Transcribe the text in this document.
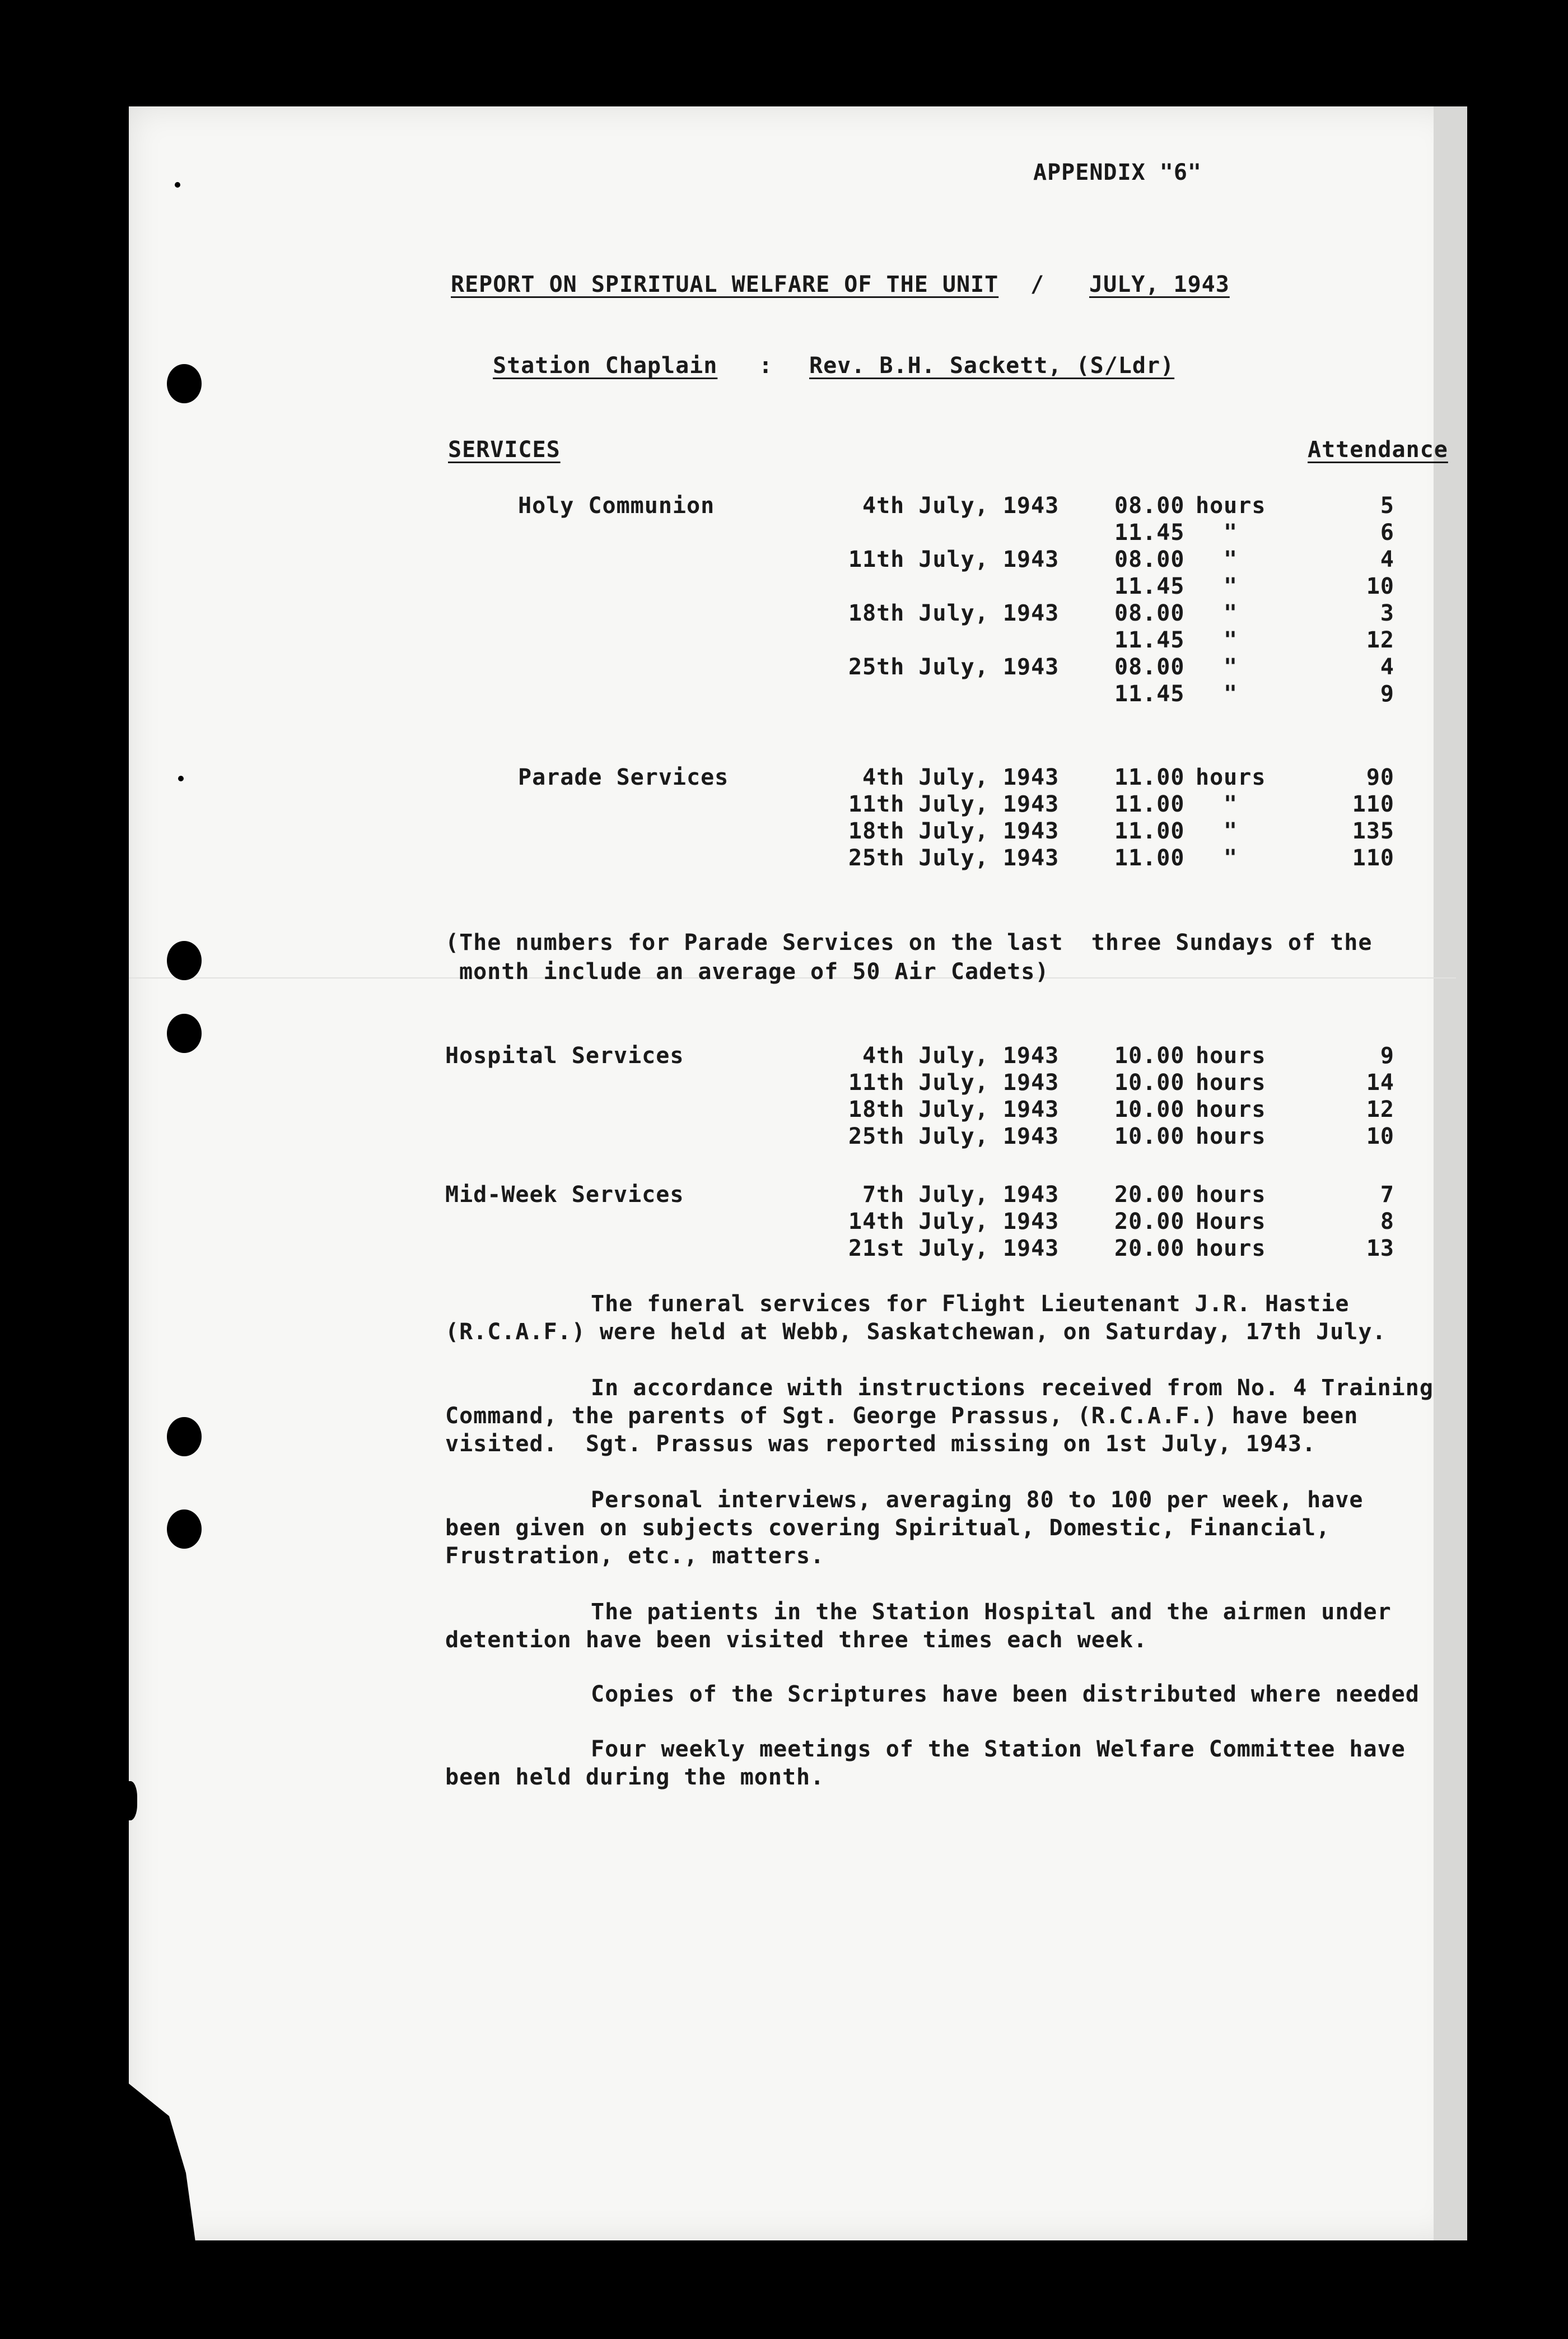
APPENDIX "6"
REPORT ON SPIRITUAL WELFARE OF THE UNIT / JULY, 1943
Station Chaplain : Rev. B.H. Sackett, (S/Ldr)
SERVICES	Attendance
Holy Communion	4th July, 1943 08.00 hours	5
11.45 "	6
11th July, 1943 08.00 "	4
11.45 "	10
18th July, 1943 08.00 "	3
11.45 "	12
25th July, 1943 08.00 "	4
11.45 "	9
Parade Services	4th July, 1943 11.00 hours	90
11th July, 1943 11.00 "	110
18th July, 1943 11.00 "	135
25th July, 1943 11.00 "	110
(The numbers for Parade Services on the last  three Sundays of the
month include an average of 50 Air Cadets)
Hospital Services	4th July, 1943 10.00 hours	9
11th July, 1943 10.00 hours	14
18th July, 1943 10.00 hours	12
25th July, 1943 10.00 hours	10
Mid-Week Services	7th July, 1943 20.00 hours	7
14th July, 1943 20.00 Hours	8
21st July, 1943 20.00 hours	13
The funeral services for Flight Lieutenant J.R. Hastie
(R.C.A.F.) were held at Webb, Saskatchewan, on Saturday, 17th July.
In accordance with instructions received from No. 4 Training
Command, the parents of Sgt. George Prassus, (R.C.A.F.) have been
visited.  Sgt. Prassus was reported missing on 1st July, 1943.
Personal interviews, averaging 80 to 100 per week, have
been given on subjects covering Spiritual, Domestic, Financial,
Frustration, etc., matters.
The patients in the Station Hospital and the airmen under
detention have been visited three times each week.
Copies of the Scriptures have been distributed where needed
Four weekly meetings of the Station Welfare Committee have
been held during the month.
